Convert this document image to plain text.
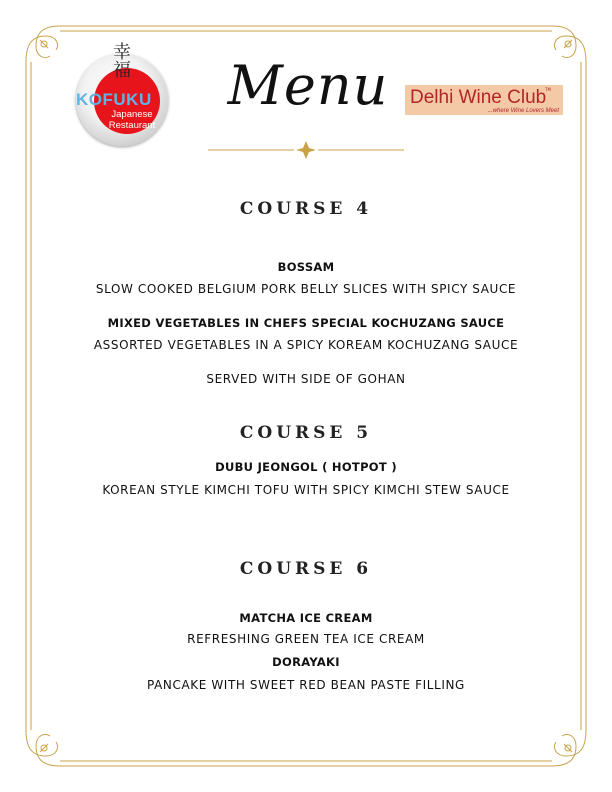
幸
福
KOFUKU
Japanese
Restaurant
Menu	Delhi Wine Club
TM
...where Wine Lovers Meet
COURSE 4
BOSSAM
SLOW COOKED BELGIUM PORK BELLY SLICES WITH SPICY SAUCE
MIXED VEGETABLES IN CHEFS SPECIAL KOCHUZANG SAUCE
ASSORTED VEGETABLES IN A SPICY KOREAM KOCHUZANG SAUCE
SERVED WITH SIDE OF GOHAN
COURSE 5
DUBU JEONGOL ( HOTPOT )
KOREAN STYLE KIMCHI TOFU WITH SPICY KIMCHI STEW SAUCE
COURSE 6
MATCHA ICE CREAM
REFRESHING GREEN TEA ICE CREAM
DORAYAKI
PANCAKE WITH SWEET RED BEAN PASTE FILLING
